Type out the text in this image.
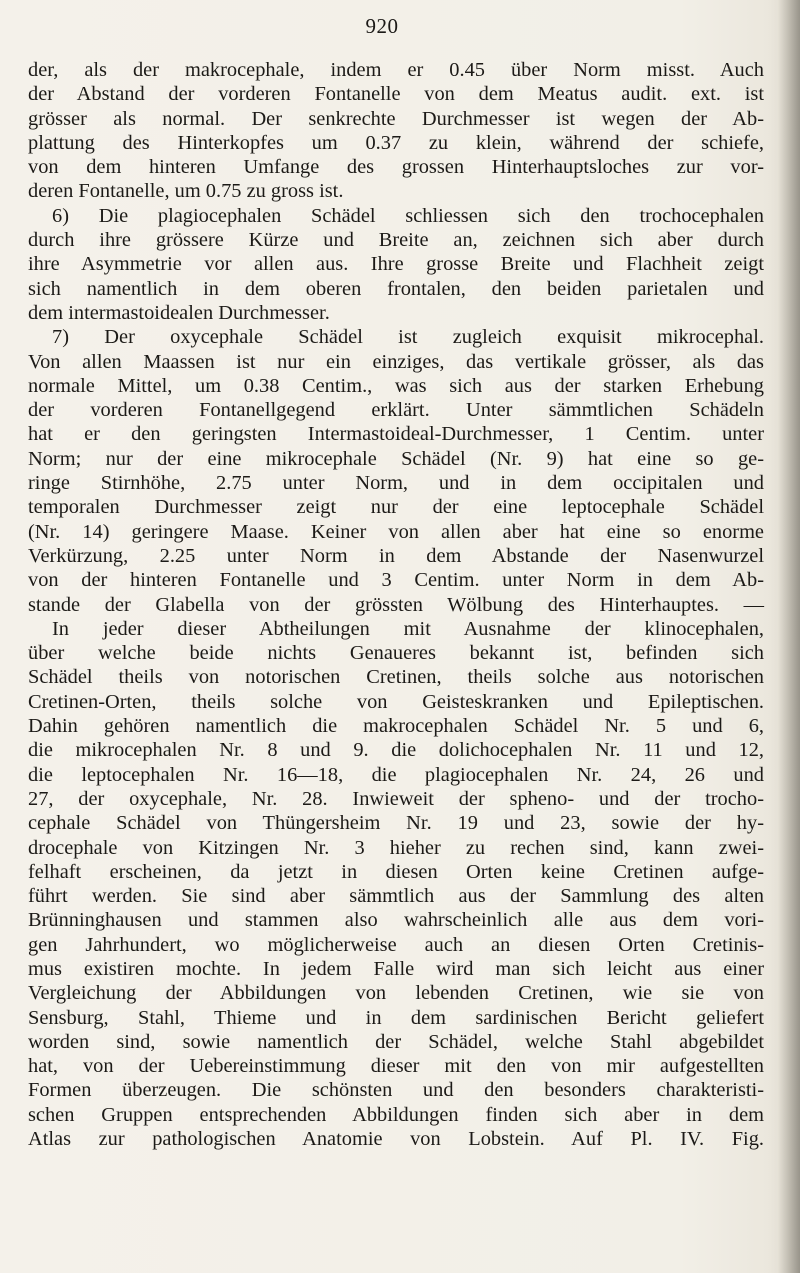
920
der, als der makrocephale, indem er 0.45 über Norm misst. Auch
der Abstand der vorderen Fontanelle von dem Meatus audit. ext. ist
grösser als normal. Der senkrechte Durchmesser ist wegen der Ab-
plattung des Hinterkopfes um 0.37 zu klein, während der schiefe,
von dem hinteren Umfange des grossen Hinterhauptsloches zur vor-
deren Fontanelle, um 0.75 zu gross ist.
6) Die plagiocephalen Schädel schliessen sich den trochocephalen
durch ihre grössere Kürze und Breite an, zeichnen sich aber durch
ihre Asymmetrie vor allen aus. Ihre grosse Breite und Flachheit zeigt
sich namentlich in dem oberen frontalen, den beiden parietalen und
dem intermastoidealen Durchmesser.
7) Der oxycephale Schädel ist zugleich exquisit mikrocephal.
Von allen Maassen ist nur ein einziges, das vertikale grösser, als das
normale Mittel, um 0.38 Centim., was sich aus der starken Erhebung
der vorderen Fontanellgegend erklärt. Unter sämmtlichen Schädeln
hat er den geringsten Intermastoideal-Durchmesser, 1 Centim. unter
Norm; nur der eine mikrocephale Schädel (Nr. 9) hat eine so ge-
ringe Stirnhöhe, 2.75 unter Norm, und in dem occipitalen und
temporalen Durchmesser zeigt nur der eine leptocephale Schädel
(Nr. 14) geringere Maase. Keiner von allen aber hat eine so enorme
Verkürzung, 2.25 unter Norm in dem Abstande der Nasenwurzel
von der hinteren Fontanelle und 3 Centim. unter Norm in dem Ab-
stande der Glabella von der grössten Wölbung des Hinterhauptes. —
In jeder dieser Abtheilungen mit Ausnahme der klinocephalen,
über welche beide nichts Genaueres bekannt ist, befinden sich
Schädel theils von notorischen Cretinen, theils solche aus notorischen
Cretinen-Orten, theils solche von Geisteskranken und Epileptischen.
Dahin gehören namentlich die makrocephalen Schädel Nr. 5 und 6,
die mikrocephalen Nr. 8 und 9. die dolichocephalen Nr. 11 und 12,
die leptocephalen Nr. 16—18, die plagiocephalen Nr. 24, 26 und
27, der oxycephale, Nr. 28. Inwieweit der spheno- und der trocho-
cephale Schädel von Thüngersheim Nr. 19 und 23, sowie der hy-
drocephale von Kitzingen Nr. 3 hieher zu rechen sind, kann zwei-
felhaft erscheinen, da jetzt in diesen Orten keine Cretinen aufge-
führt werden. Sie sind aber sämmtlich aus der Sammlung des alten
Brünninghausen und stammen also wahrscheinlich alle aus dem vori-
gen Jahrhundert, wo möglicherweise auch an diesen Orten Cretinis-
mus existiren mochte. In jedem Falle wird man sich leicht aus einer
Vergleichung der Abbildungen von lebenden Cretinen, wie sie von
Sensburg, Stahl, Thieme und in dem sardinischen Bericht geliefert
worden sind, sowie namentlich der Schädel, welche Stahl abgebildet
hat, von der Uebereinstimmung dieser mit den von mir aufgestellten
Formen überzeugen. Die schönsten und den besonders charakteristi-
schen Gruppen entsprechenden Abbildungen finden sich aber in dem
Atlas zur pathologischen Anatomie von Lobstein. Auf Pl. IV. Fig.
